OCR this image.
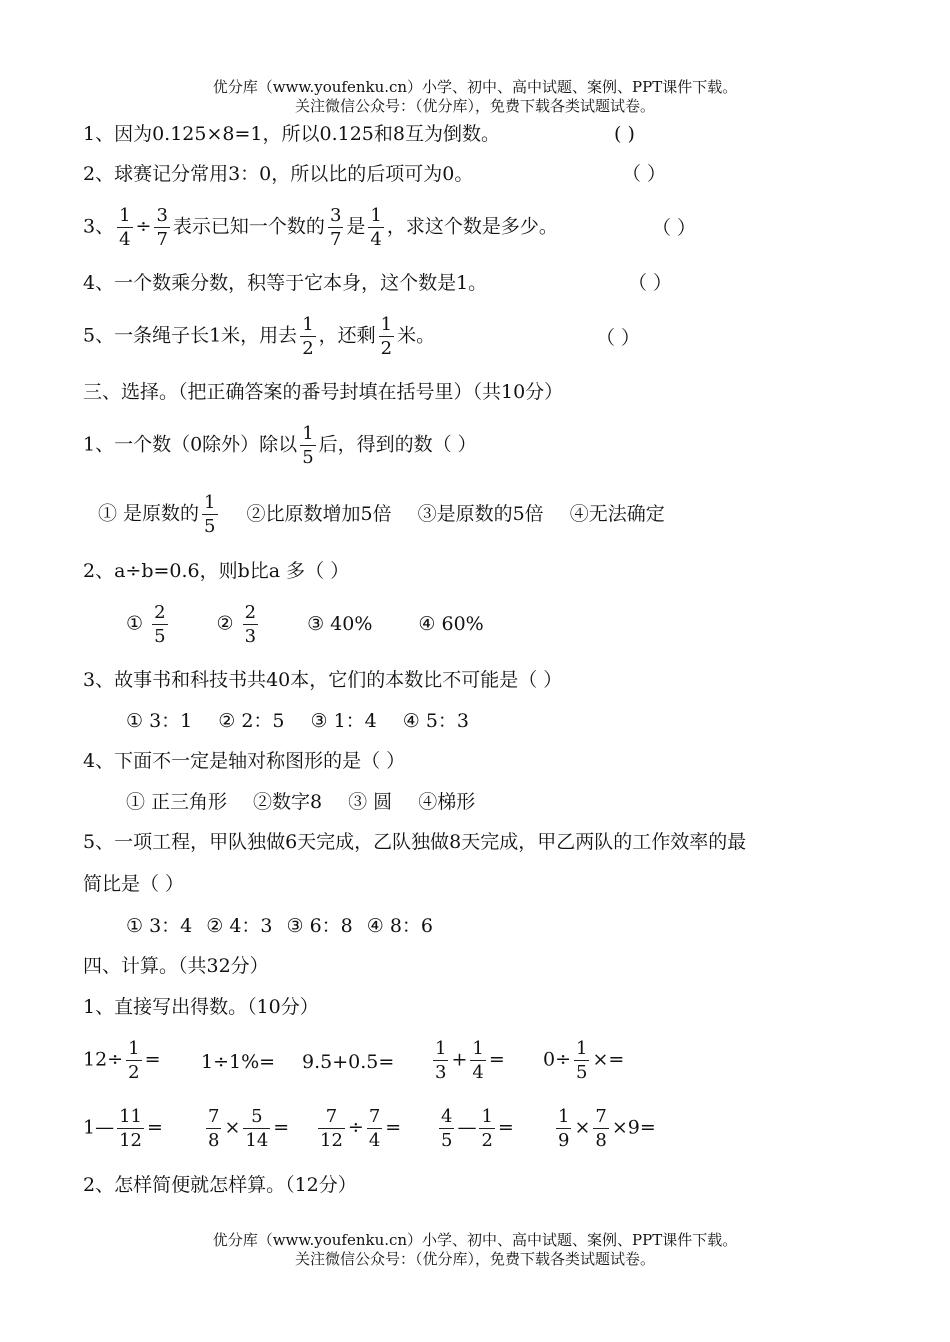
优分库（www.youfenku.cn）小学、初中、高中试题、案例、PPT课件下载。
关注微信公众号：（优分库），免费下载各类试题试卷。
1、因为0.125×8=1，所以0.125和8互为倒数。	( )
2、球赛记分常用3：0，所以比的后项可为0。	（ ）
3、 $\frac{1}{4} \div \frac{3}{7}$ 表示已知一个数的 $\frac{3}{7}$ 是 $\frac{1}{4}$ ，求这个数是多少。	（ ）
4、一个数乘分数，积等于它本身，这个数是1。	（ ）
5、一条绳子长1米，用去 $\frac{1}{2}$ ，还剩 $\frac{1}{2}$ 米。	（ ）
三、选择。（把正确答案的番号封填在括号里）（共10分）
1、一个数（0除外）除以 $\frac{1}{5}$ 后，得到的数（ ）
① 是原数的 $\frac{1}{5}$ ②比原数增加5倍 ③是原数的5倍 ④无法确定
2、a÷b=0.6，则b比a 多（ ）
① $\frac{2}{5}$	② $\frac{2}{3}$	③ 40% ④ 60%
3、故事书和科技书共40本，它们的本数比不可能是（ ）
① 3：1 ② 2：5 ③ 1：4 ④ 5：3
4、下面不一定是轴对称图形的是（ ）
① 正三角形 ②数字8 ③ 圆 ④梯形
5、一项工程，甲队独做6天完成，乙队独做8天完成，甲乙两队的工作效率的最
简比是（ ）
① 3：4 ② 4：3 ③ 6：8 ④ 8：6
四、计算。（共32分）
1、直接写出得数。（10分）
$12\div \frac{1}{2} = 1\div 1\%= 9.5+0.5= \frac{1}{3} + \frac{1}{4} = 0\div \frac{1}{5}$ ×=
1— $\frac{11}{12} = \frac{7}{8} \times \frac{5}{14} = \frac{7}{12} \div \frac{7}{4} = \frac{4}{5}$ — $\frac{1}{2} = \frac{1}{9} \times \frac{7}{8} \times 9=$
2、怎样简便就怎样算。（12分）
优分库（www.youfenku.cn）小学、初中、高中试题、案例、PPT课件下载。
关注微信公众号：（优分库），免费下载各类试题试卷。
